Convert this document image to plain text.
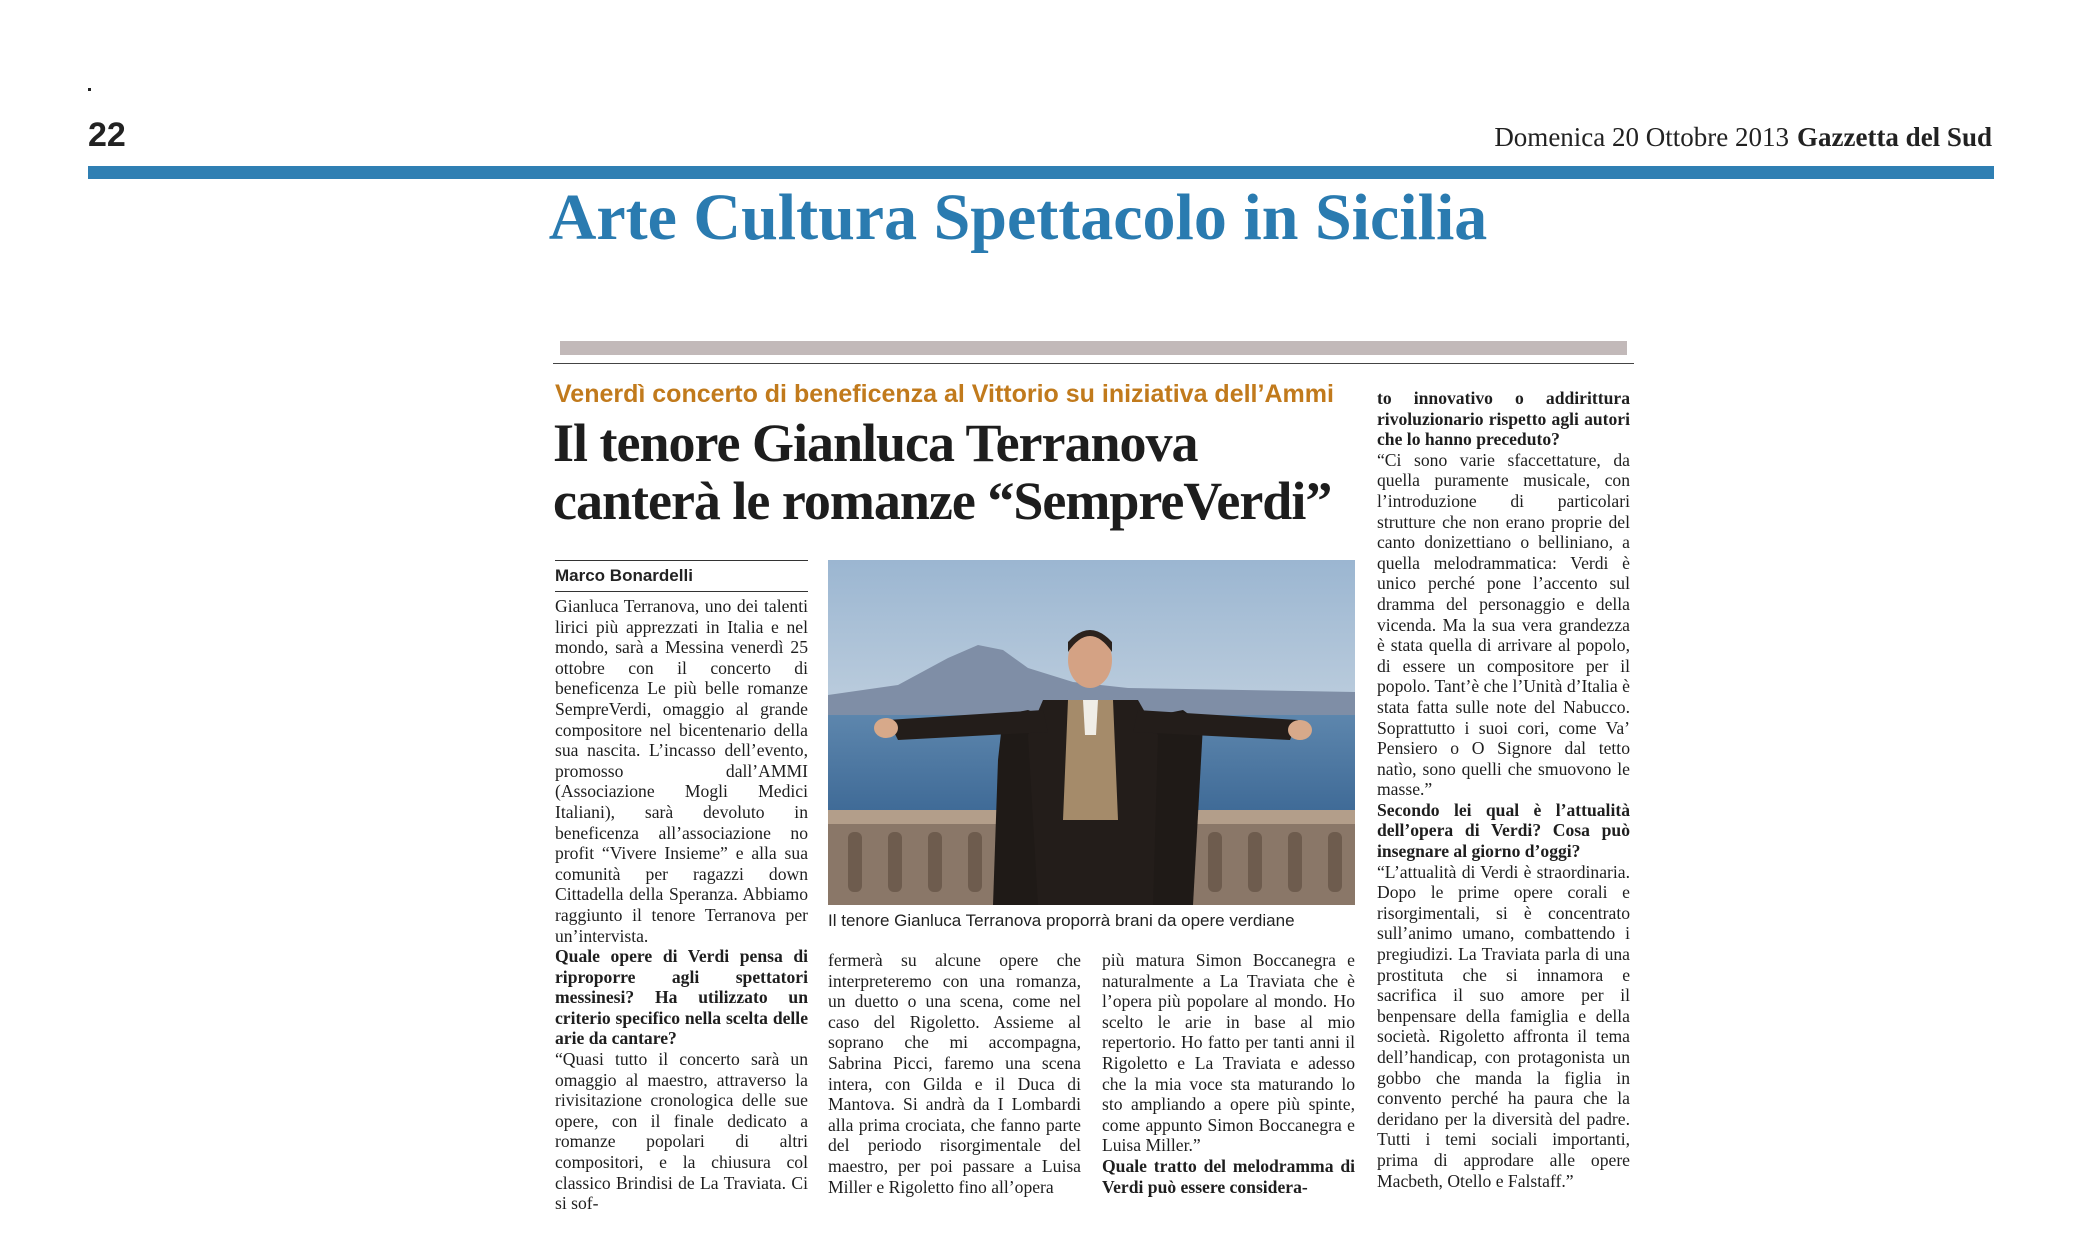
22	Domenica 20 Ottobre 2013 Gazzetta del Sud
Arte Cultura Spettacolo in Sicilia
Venerdì concerto di beneficenza al Vittorio su iniziativa dell’Ammi
Il tenore Gianluca Terranova
canterà le romanze “SempreVerdi”
Marco Bonardelli

Gianluca Terranova, uno dei talenti lirici più apprezzati in Italia e nel mondo, sarà a Messina venerdì 25 ottobre con il concerto di beneficenza Le più belle romanze SempreVerdi, omaggio al grande compositore nel bicentenario della sua nascita. L’incasso dell’evento, promosso dall’AMMI (Associazione Mogli Medici Italiani), sarà devoluto in beneficenza all’associazione no profit “Vivere Insieme” e alla sua comunità per ragazzi down Cittadella della Speranza. Abbiamo raggiunto il tenore Terranova per un’intervista.

Quale opere di Verdi pensa di riproporre agli spettatori messinesi? Ha utilizzato un criterio specifico nella scelta delle arie da cantare?

“Quasi tutto il concerto sarà un omaggio al maestro, attraverso la rivisitazione cronologica delle sue opere, con il finale dedicato a romanze popolari di altri compositori, e la chiusura col classico Brindisi de La Traviata. Ci si sof-

Il tenore Gianluca Terranova proporrà brani da opere verdiane

fermerà su alcune opere che interpreteremo con una romanza, un duetto o una scena, come nel caso del Rigoletto. Assieme al soprano che mi accompagna, Sabrina Picci, faremo una scena intera, con Gilda e il Duca di Mantova. Si andrà da I Lombardi alla prima crociata, che fanno parte del periodo risorgimentale del maestro, per poi passare a Luisa Miller e Rigoletto fino all’opera

più matura Simon Boccanegra e naturalmente a La Traviata che è l’opera più popolare al mondo. Ho scelto le arie in base al mio repertorio. Ho fatto per tanti anni il Rigoletto e La Traviata e adesso che la mia voce sta maturando lo sto ampliando a opere più spinte, come appunto Simon Boccanegra e Luisa Miller.”

Quale tratto del melodramma di Verdi può essere considera-

to innovativo o addirittura rivoluzionario rispetto agli autori che lo hanno preceduto?

“Ci sono varie sfaccettature, da quella puramente musicale, con l’introduzione di particolari strutture che non erano proprie del canto donizettiano o belliniano, a quella melodrammatica: Verdi è unico perché pone l’accento sul dramma del personaggio e della vicenda. Ma la sua vera grandezza è stata quella di arrivare al popolo, di essere un compositore per il popolo. Tant’è che l’Unità d’Italia è stata fatta sulle note del Nabucco. Soprattutto i suoi cori, come Va’ Pensiero o O Signore dal tetto natìo, sono quelli che smuovono le masse.”

Secondo lei qual è l’attualità dell’opera di Verdi? Cosa può insegnare al giorno d’oggi?

“L’attualità di Verdi è straordinaria. Dopo le prime opere corali e risorgimentali, si è concentrato sull’animo umano, combattendo i pregiudizi. La Traviata parla di una prostituta che si innamora e sacrifica il suo amore per il benpensare della famiglia e della società. Rigoletto affronta il tema dell’handicap, con protagonista un gobbo che manda la figlia in convento perché ha paura che la deridano per la diversità del padre. Tutti i temi sociali importanti, prima di approdare alle opere Macbeth, Otello e Falstaff.”
